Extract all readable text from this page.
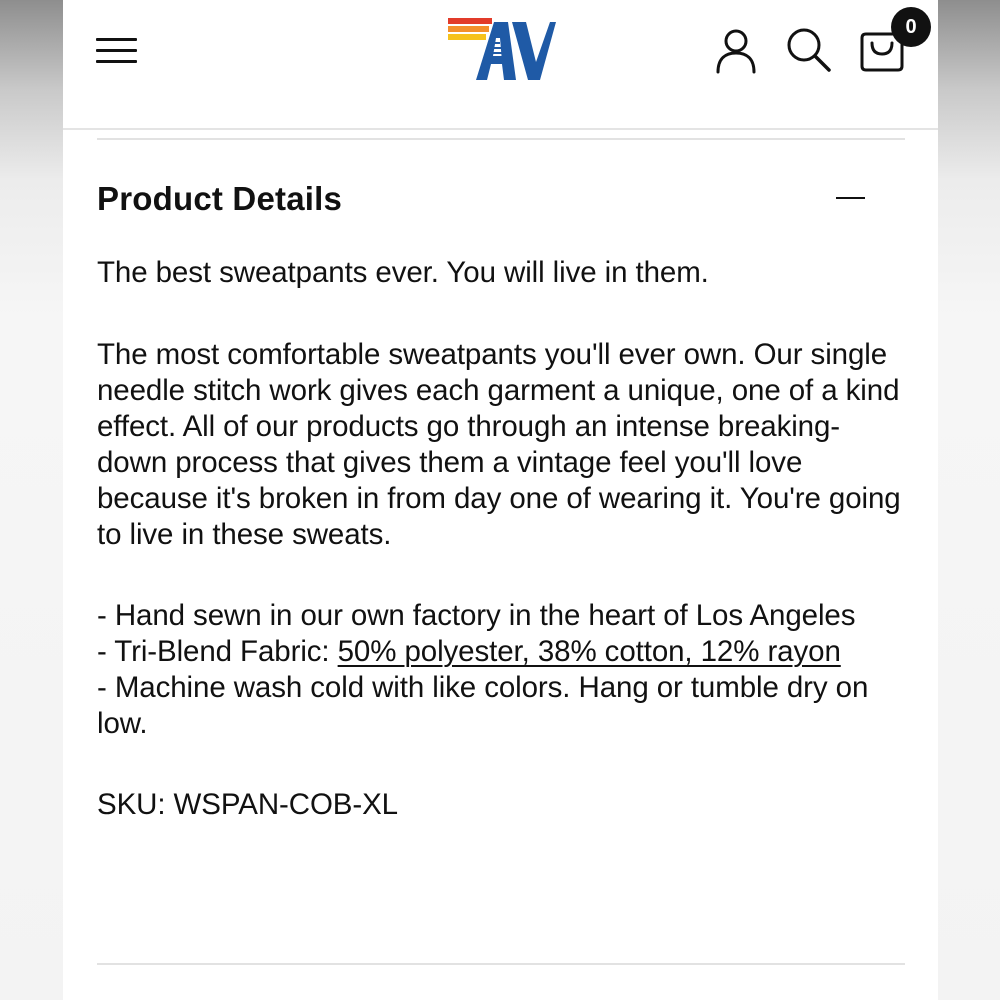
0
Product Details

The best sweatpants ever. You will live in them.

The most comfortable sweatpants you'll ever own. Our single needle stitch work gives each garment a unique, one of a kind effect. All of our products go through an intense breaking-down process that gives them a vintage feel you'll love because it's broken in from day one of wearing it. You're going to live in these sweats.

- Hand sewn in our own factory in the heart of Los Angeles

- Tri-Blend Fabric: 50% polyester, 38% cotton, 12% rayon

- Machine wash cold with like colors. Hang or tumble dry on low.

SKU: WSPAN-COB-XL
